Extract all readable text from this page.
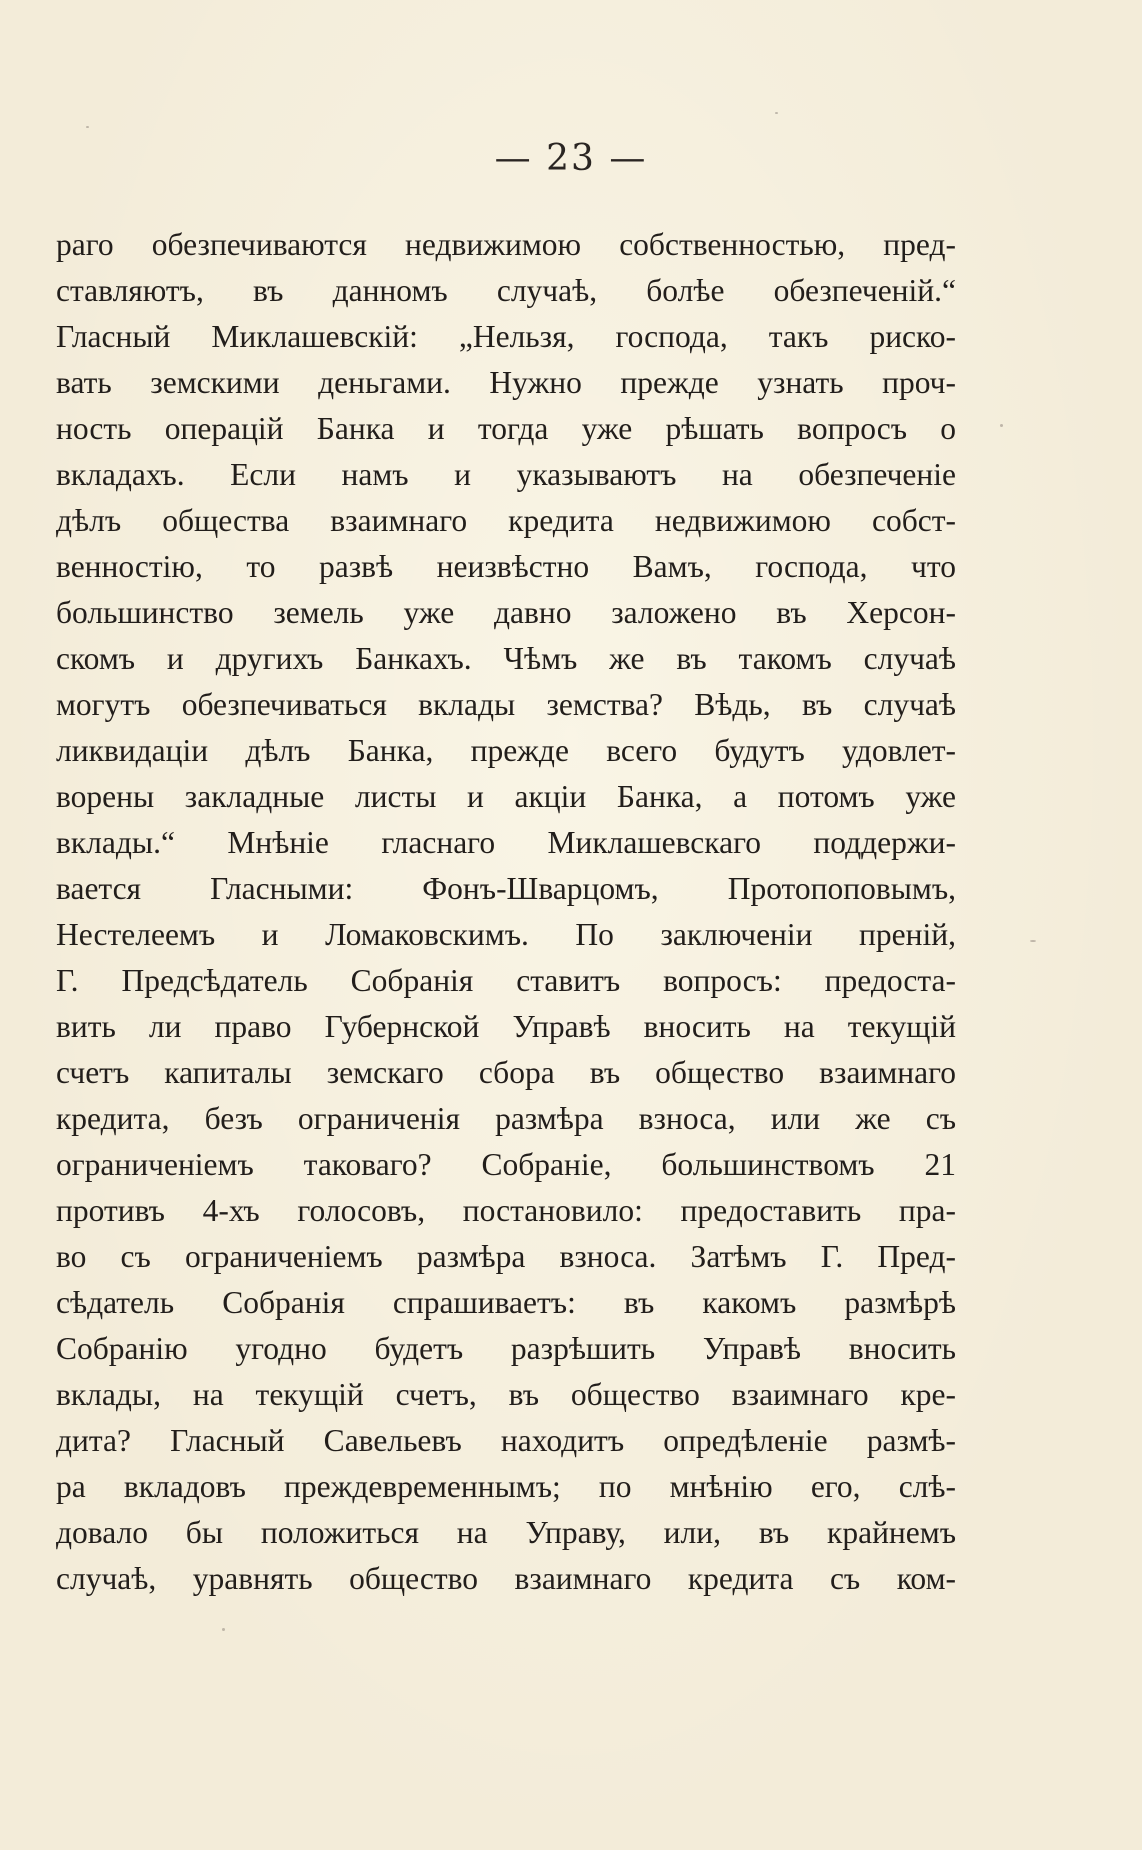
— 23 —
раго обезпечиваются недвижимою собственностью, пред-
ставляютъ, въ данномъ случаѣ, болѣе обезпеченій.“
Гласный Миклашевскій: „Нельзя, господа, такъ риско-
вать земскими деньгами. Нужно прежде узнать проч-
ность операцій Банка и тогда уже рѣшать вопросъ о
вкладахъ. Если намъ и указываютъ на обезпеченіе
дѣлъ общества взаимнаго кредита недвижимою собст-
венностію, то развѣ неизвѣстно Вамъ, господа, что
большинство земель уже давно заложено въ Херсон-
скомъ и другихъ Банкахъ. Чѣмъ же въ такомъ случаѣ
могутъ обезпечиваться вклады земства? Вѣдь, въ случаѣ
ликвидаціи дѣлъ Банка, прежде всего будутъ удовлет-
ворены закладные листы и акціи Банка, а потомъ уже
вклады.“ Мнѣніе гласнаго Миклашевскаго поддержи-
вается Гласными: Фонъ-Шварцомъ, Протопоповымъ,
Нестелеемъ и Ломаковскимъ. По заключеніи преній,
Г. Предсѣдатель Собранія ставитъ вопросъ: предоста-
вить ли право Губернской Управѣ вносить на текущій
счетъ капиталы земскаго сбора въ общество взаимнаго
кредита, безъ ограниченія размѣра взноса, или же съ
ограниченіемъ таковаго? Собраніе, большинствомъ 21
противъ 4-хъ голосовъ, постановило: предоставить пра-
во съ ограниченіемъ размѣра взноса. Затѣмъ Г. Пред-
сѣдатель Собранія спрашиваетъ: въ какомъ размѣрѣ
Собранію угодно будетъ разрѣшить Управѣ вносить
вклады, на текущій счетъ, въ общество взаимнаго кре-
дита? Гласный Савельевъ находитъ опредѣленіе размѣ-
ра вкладовъ преждевременнымъ; по мнѣнію его, слѣ-
довало бы положиться на Управу, или, въ крайнемъ
случаѣ, уравнять общество взаимнаго кредита съ ком-
